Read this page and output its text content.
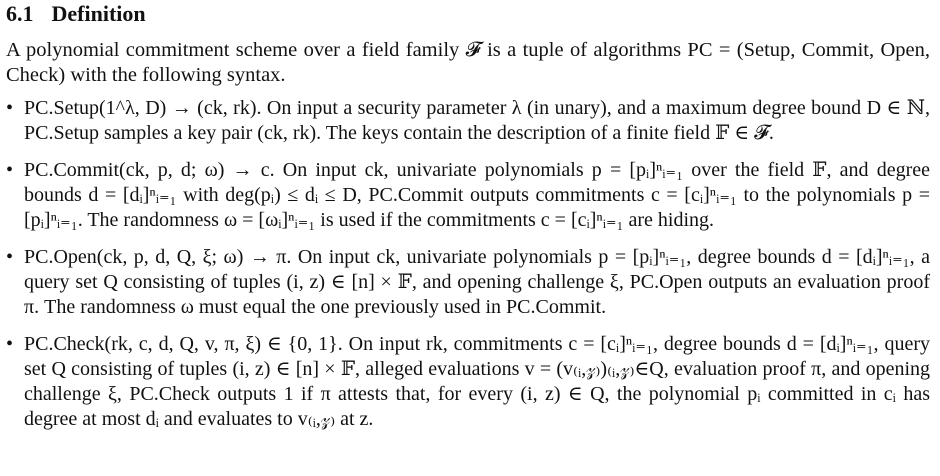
6.1 Definition

A polynomial commitment scheme over a field family 𝓕 is a tuple of algorithms PC = (Setup, Commit, Open, Check) with the following syntax.

• PC.Setup(1^λ, D) → (ck, rk). On input a security parameter λ (in unary), and a maximum degree bound D ∈ ℕ, PC.Setup samples a key pair (ck, rk). The keys contain the description of a finite field 𝔽 ∈ 𝓕.
• PC.Commit(ck, p, d; ω) → c. On input ck, univariate polynomials p = [pᵢ]ⁿᵢ₌₁ over the field 𝔽, and degree bounds d = [dᵢ]ⁿᵢ₌₁ with deg(pᵢ) ≤ dᵢ ≤ D, PC.Commit outputs commitments c = [cᵢ]ⁿᵢ₌₁ to the polynomials p = [pᵢ]ⁿᵢ₌₁. The randomness ω = [ωᵢ]ⁿᵢ₌₁ is used if the commitments c = [cᵢ]ⁿᵢ₌₁ are hiding.
• PC.Open(ck, p, d, Q, ξ; ω) → π. On input ck, univariate polynomials p = [pᵢ]ⁿᵢ₌₁, degree bounds d = [dᵢ]ⁿᵢ₌₁, a query set Q consisting of tuples (i, z) ∈ [n] × 𝔽, and opening challenge ξ, PC.Open outputs an evaluation proof π. The randomness ω must equal the one previously used in PC.Commit.
• PC.Check(rk, c, d, Q, v, π, ξ) ∈ {0, 1}. On input rk, commitments c = [cᵢ]ⁿᵢ₌₁, degree bounds d = [dᵢ]ⁿᵢ₌₁, query set Q consisting of tuples (i, z) ∈ [n] × 𝔽, alleged evaluations v = (v₍ᵢ,𝓏₎)₍ᵢ,𝓏₎∈Q, evaluation proof π, and opening challenge ξ, PC.Check outputs 1 if π attests that, for every (i, z) ∈ Q, the polynomial pᵢ committed in cᵢ has degree at most dᵢ and evaluates to v₍ᵢ,𝓏₎ at z.
